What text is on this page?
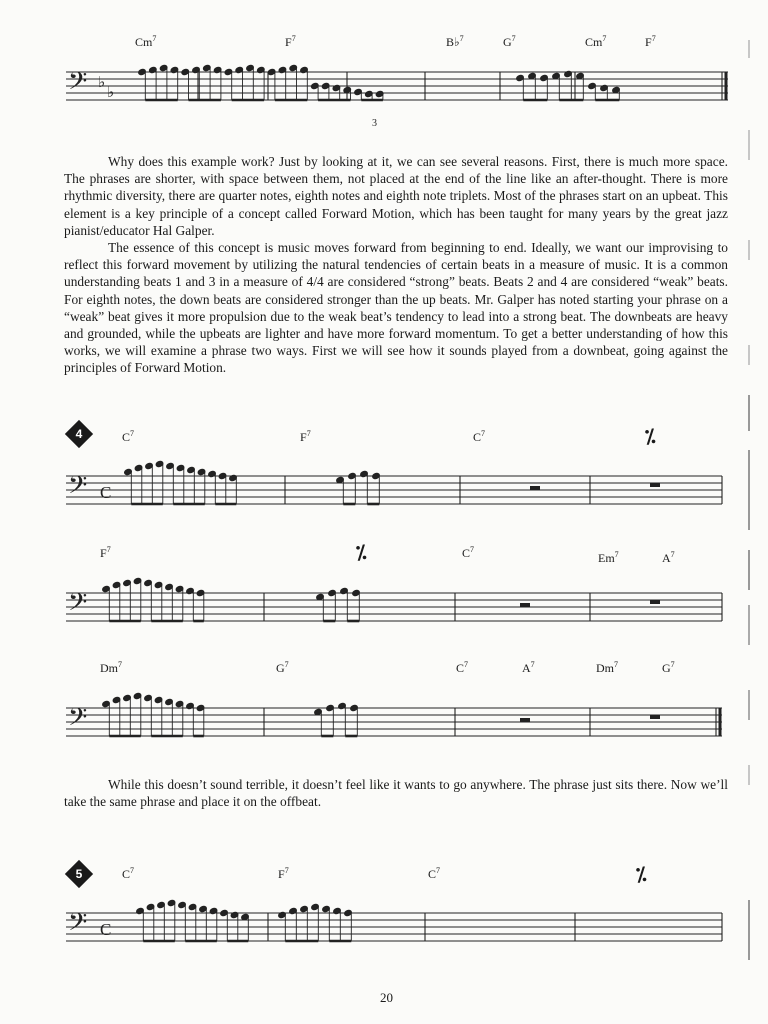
Cm$^7$	$F^7$	B♭$^7$	$G^7$	Cm$^7$	$F^7$
𝄢 ♭
♭
3

Why does this example work? Just by looking at it, we can see several reasons. First, there is much more space. The phrases are shorter, with space between them, not placed at the end of the line like an after-thought. There is more rhythmic diversity, there are quarter notes, eighth notes and eighth note triplets. Most of the phrases start on an upbeat. This element is a key principle of a concept called Forward Motion, which has been taught for many years by the great jazz pianist/educator Hal Galper.

The essence of this concept is music moves forward from beginning to end. Ideally, we want our improvising to reflect this forward movement by utilizing the natural tendencies of certain beats in a measure of music. It is a common understanding beats 1 and 3 in a measure of 4/4 are considered “strong” beats. Beats 2 and 4 are considered “weak” beats. For eighth notes, the down beats are considered stronger than the up beats. Mr. Galper has noted starting your phrase on a “weak” beat gives it more propulsion due to the weak beat’s tendency to lead into a strong beat. The downbeats are heavy and grounded, while the upbeats are lighter and have more forward momentum. To get a better understanding of how this works, we will examine a phrase two ways. First we will see how it sounds played from a downbeat, going against the principles of Forward Motion.

4	$C^7$	$F^7$	$C^7$	⁒
𝄢 C
$F^7$	⁒	$C^7$
Em$^7$	$A^7$
𝄢
Dm$^7$	$G^7$	$C^7$	$A^7$	Dm$^7$	$G^7$
𝄢

While this doesn’t sound terrible, it doesn’t feel like it wants to go anywhere. The phrase just sits there. Now we’ll take the same phrase and place it on the offbeat.

5	$C^7$	$F^7$	$C^7$	⁒
𝄢 C
20
